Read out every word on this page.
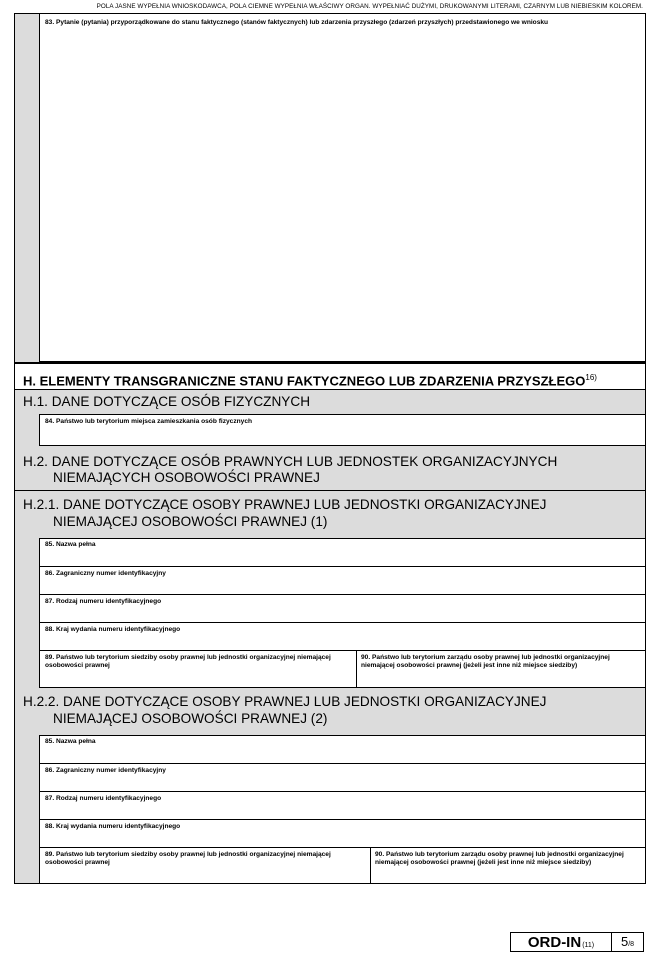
POLA JASNE WYPEŁNIA WNIOSKODAWCA, POLA CIEMNE WYPEŁNIA WŁAŚCIWY ORGAN. WYPEŁNIAĆ DUŻYMI, DRUKOWANYMI LITERAMI, CZARNYM LUB NIEBIESKIM KOLOREM.
83. Pytanie (pytania) przyporządkowane do stanu faktycznego (stanów faktycznych) lub zdarzenia przyszłego (zdarzeń przyszłych) przedstawionego we wniosku
H. ELEMENTY TRANSGRANICZNE STANU FAKTYCZNEGO LUB ZDARZENIA PRZYSZŁEGO$^{16)}$
H.1. DANE DOTYCZĄCE OSÓB FIZYCZNYCH
84. Państwo lub terytorium miejsca zamieszkania osób fizycznych
H.2. DANE DOTYCZĄCE OSÓB PRAWNYCH LUB JEDNOSTEK ORGANIZACYJNYCH
NIEMAJĄCYCH OSOBOWOŚCI PRAWNEJ
H.2.1. DANE DOTYCZĄCE OSOBY PRAWNEJ LUB JEDNOSTKI ORGANIZACYJNEJ
NIEMAJĄCEJ OSOBOWOŚCI PRAWNEJ (1)
85. Nazwa pełna
86. Zagraniczny numer identyfikacyjny
87. Rodzaj numeru identyfikacyjnego
88. Kraj wydania numeru identyfikacyjnego
89. Państwo lub terytorium siedziby osoby prawnej lub jednostki organizacyjnej niemającej osobowości prawnej
90. Państwo lub terytorium zarządu osoby prawnej lub jednostki organizacyjnej niemającej osobowości prawnej (jeżeli jest inne niż miejsce siedziby)
H.2.2. DANE DOTYCZĄCE OSOBY PRAWNEJ LUB JEDNOSTKI ORGANIZACYJNEJ
NIEMAJĄCEJ OSOBOWOŚCI PRAWNEJ (2)
85. Nazwa pełna
86. Zagraniczny numer identyfikacyjny
87. Rodzaj numeru identyfikacyjnego
88. Kraj wydania numeru identyfikacyjnego
89. Państwo lub terytorium siedziby osoby prawnej lub jednostki organizacyjnej niemającej osobowości prawnej
90. Państwo lub terytorium zarządu osoby prawnej lub jednostki organizacyjnej niemającej osobowości prawnej (jeżeli jest inne niż miejsce siedziby)
ORD-IN (11) 5 /8
